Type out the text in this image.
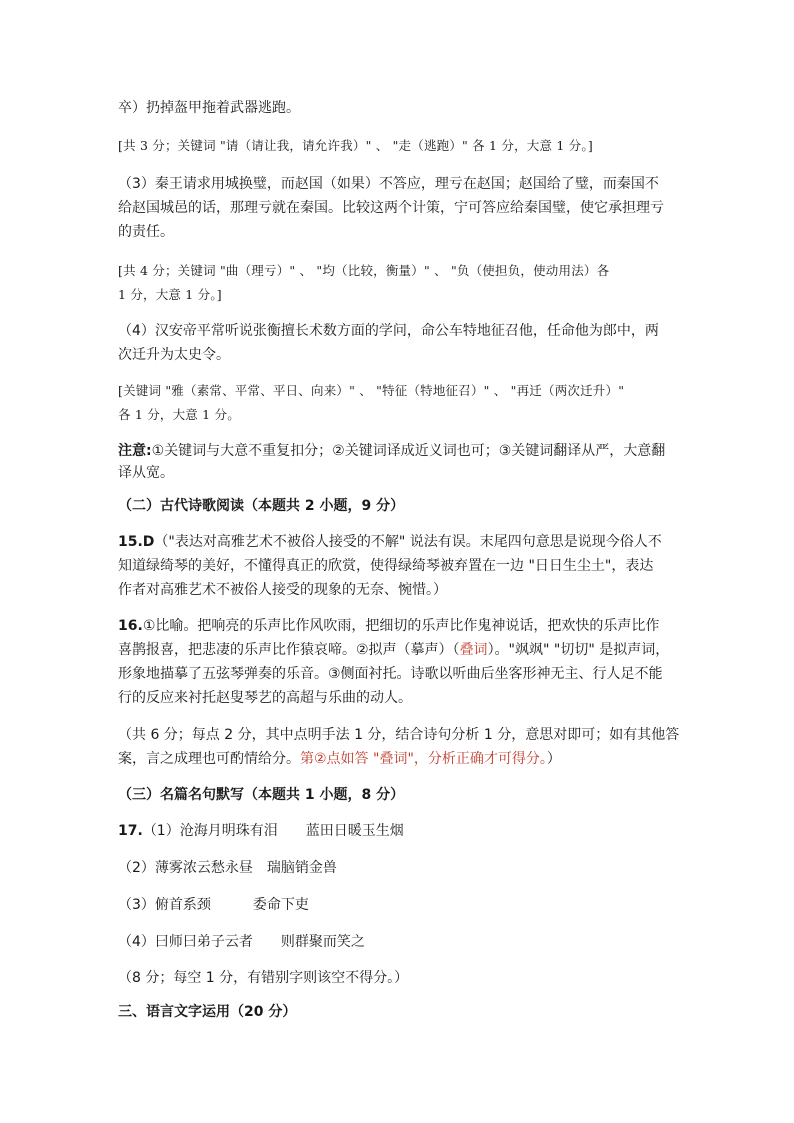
卒）扔掉盔甲拖着武器逃跑。
[共 3 分；关键词 "请（请让我，请允许我）" 、 "走（逃跑）" 各 1 分，大意 1 分。]
（3）秦王请求用城换璧，而赵国（如果）不答应，理亏在赵国；赵国给了璧，而秦国不
给赵国城邑的话，那理亏就在秦国。比较这两个计策，宁可答应给秦国璧，使它承担理亏
的责任。
[共 4 分；关键词 "曲（理亏）" 、 "均（比较，衡量）" 、 "负（使担负，使动用法）各
1 分，大意 1 分。]
（4）汉安帝平常听说张衡擅长术数方面的学问，命公车特地征召他，任命他为郎中，两
次迁升为太史令。
[关键词 "雅（素常、平常、平日、向来）" 、 "特征（特地征召）" 、 "再迁（两次迁升）"
各 1 分，大意 1 分。
注意:①关键词与大意不重复扣分；②关键词译成近义词也可；③关键词翻译从严，大意翻
译从宽。
（二）古代诗歌阅读（本题共 2 小题，9 分）
15.D（"表达对高雅艺术不被俗人接受的不解" 说法有误。末尾四句意思是说现今俗人不
知道绿绮琴的美好，不懂得真正的欣赏，使得绿绮琴被弃置在一边 "日日生尘土"，表达
作者对高雅艺术不被俗人接受的现象的无奈、惋惜。）
16.①比喻。把响亮的乐声比作风吹雨，把细切的乐声比作鬼神说话，把欢快的乐声比作
喜鹊报喜，把悲凄的乐声比作猿哀啼。②拟声（摹声）（叠词）。"飒飒" "切切" 是拟声词，
形象地描摹了五弦琴弹奏的乐音。③侧面衬托。诗歌以听曲后坐客形神无主、行人足不能
行的反应来衬托赵叟琴艺的高超与乐曲的动人。
（共 6 分；每点 2 分，其中点明手法 1 分，结合诗句分析 1 分，意思对即可；如有其他答
案，言之成理也可酌情给分。第②点如答 "叠词"，分析正确才可得分。）
（三）名篇名句默写（本题共 1 小题，8 分）
17.（1）沧海月明珠有泪　　蓝田日暖玉生烟
（2）薄雾浓云愁永昼　瑞脑销金兽
（3）俯首系颈　　　委命下吏
（4）曰师曰弟子云者　　则群聚而笑之
（8 分；每空 1 分，有错别字则该空不得分。）
三、语言文字运用（20 分）
